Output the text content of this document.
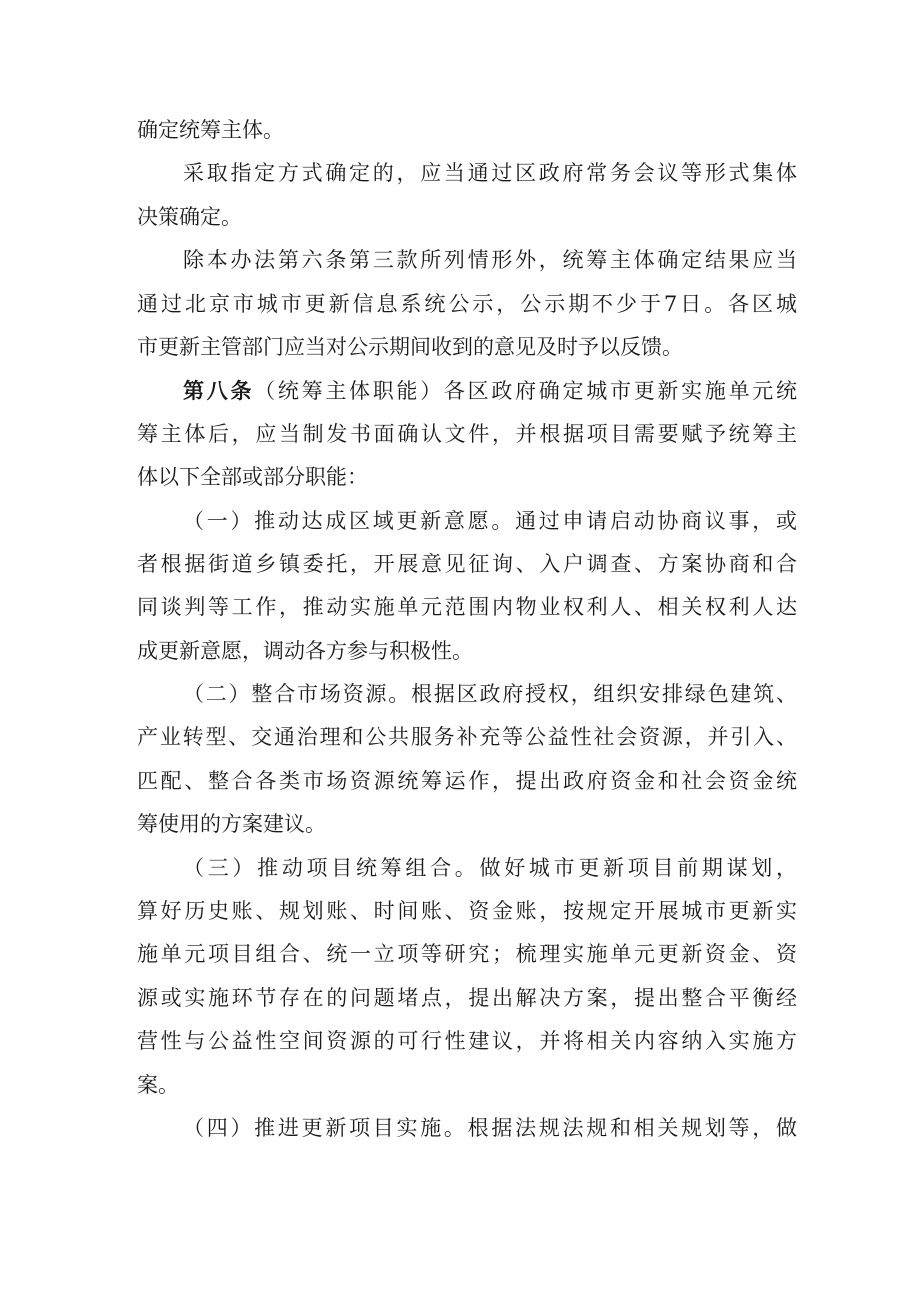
确定统筹主体。
采取指定方式确定的，应当通过区政府常务会议等形式集体
决策确定。
除本办法第六条第三款所列情形外，统筹主体确定结果应当
通过北京市城市更新信息系统公示，公示期不少于7日。各区城
市更新主管部门应当对公示期间收到的意见及时予以反馈。
第八条（统筹主体职能）各区政府确定城市更新实施单元统
筹主体后，应当制发书面确认文件，并根据项目需要赋予统筹主
体以下全部或部分职能：
（一）推动达成区域更新意愿。通过申请启动协商议事，或
者根据街道乡镇委托，开展意见征询、入户调查、方案协商和合
同谈判等工作，推动实施单元范围内物业权利人、相关权利人达
成更新意愿，调动各方参与积极性。
（二）整合市场资源。根据区政府授权，组织安排绿色建筑、
产业转型、交通治理和公共服务补充等公益性社会资源，并引入、
匹配、整合各类市场资源统筹运作，提出政府资金和社会资金统
筹使用的方案建议。
（三）推动项目统筹组合。做好城市更新项目前期谋划，
算好历史账、规划账、时间账、资金账，按规定开展城市更新实
施单元项目组合、统一立项等研究；梳理实施单元更新资金、资
源或实施环节存在的问题堵点，提出解决方案，提出整合平衡经
营性与公益性空间资源的可行性建议，并将相关内容纳入实施方
案。
（四）推进更新项目实施。根据法规法规和相关规划等，做
